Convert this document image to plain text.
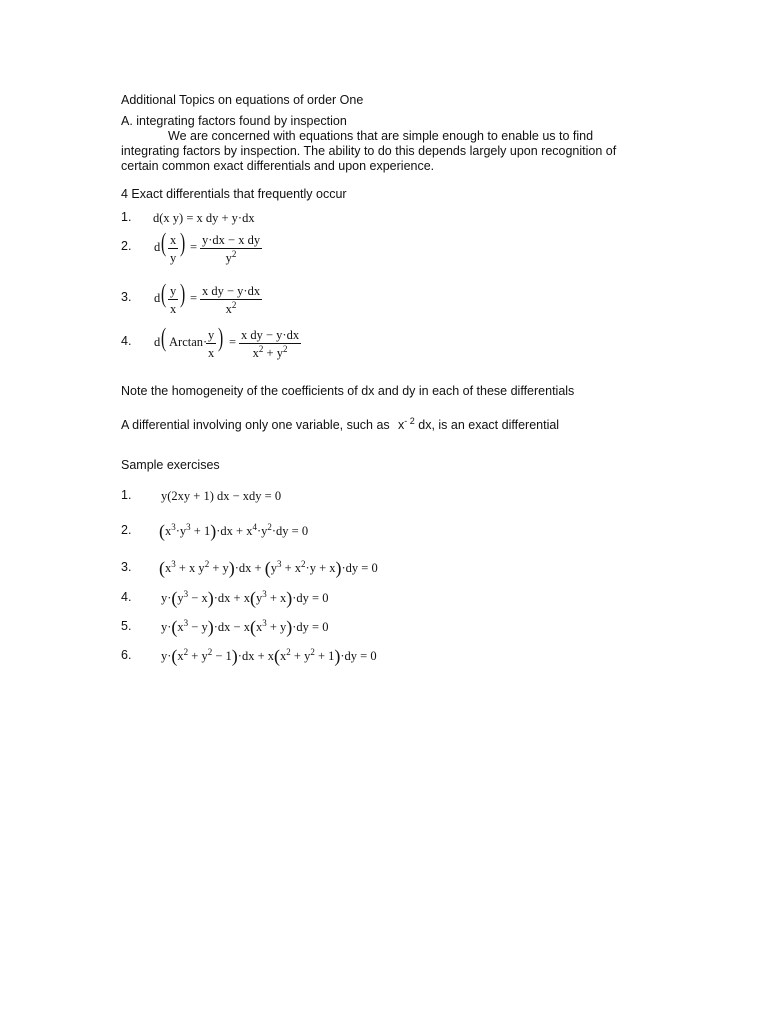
Additional Topics on equations of order One
A. integrating factors found by inspection
We are concerned with equations that are simple enough to enable us to find integrating factors by inspection. The ability to do this depends largely upon recognition of certain common exact differentials and upon experience.
4 Exact differentials that frequently occur
1. d(x y) = x dy + y·dx
2. d ( x
y
) = y·dx − x dy
$y^2$
3. d ( y
x
) = x dy − y·dx
$x^2$
4. d ( Arctan· y
x
) = x dy − y·dx
$x^2 + y^2$
Note the homogeneity of the coefficients of dx and dy in each of these differentials
A differential involving only one variable, such as $x^{- 2}$ dx, is an exact differential
Sample exercises
1. y(2xy + 1) dx − xdy = 0
2. $(x^3\cdot y^3 + 1)\cdot dx + x^4\cdot y^2\cdot dy = 0$
3. ($x^3 + x$ $y^2 + y)\cdot dx + (y^3 + x^2\cdot y + x)\cdot dy = 0$
4. $y\cdot(y^3 - x)\cdot dx + x(y^3 + x)\cdot dy = 0$
5. $y\cdot(x^3 - y)\cdot dx - x(x^3 + y)\cdot dy = 0$
6. $y\cdot(x^2 + y^2 - 1)\cdot dx + x(x^2 + y^2 + 1)\cdot dy = 0$
